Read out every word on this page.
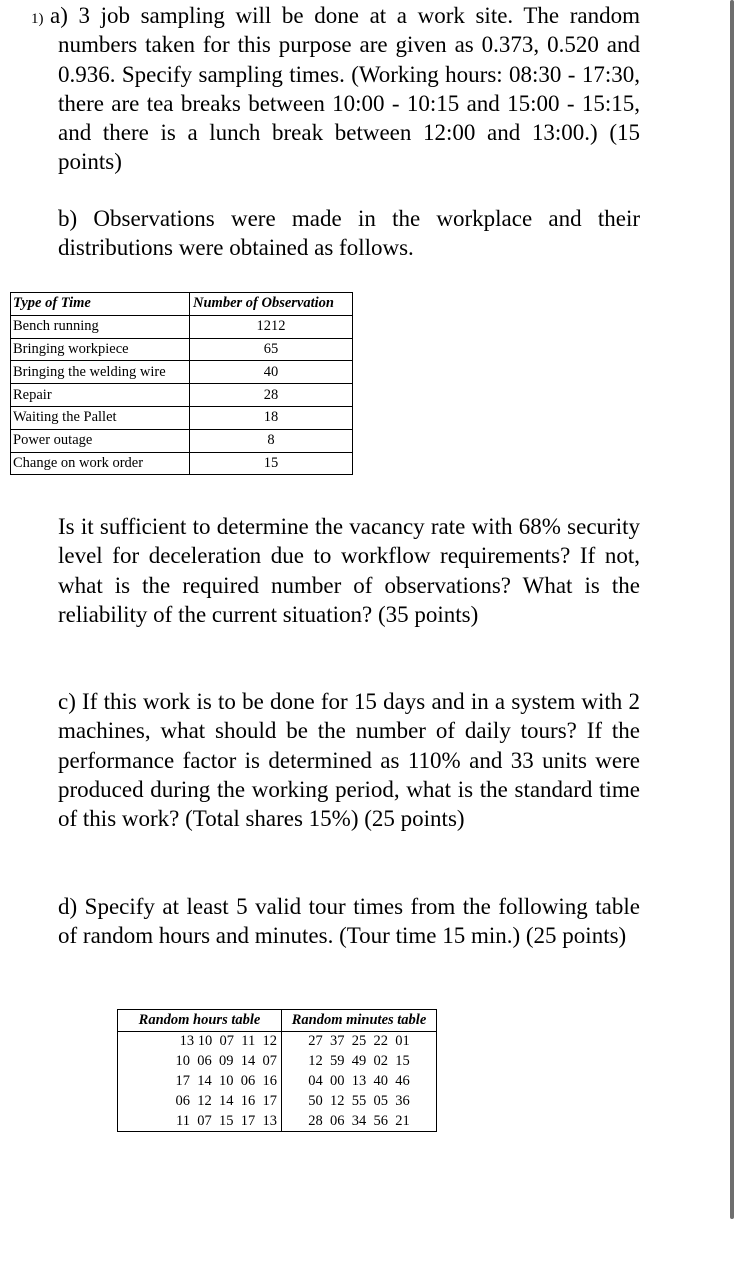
1) a) 3 job sampling will be done at a work site. The random numbers taken for this purpose are given as 0.373, 0.520 and 0.936. Specify sampling times. (Working hours: 08:30 - 17:30, there are tea breaks between 10:00 - 10:15 and 15:00 - 15:15, and there is a lunch break between 12:00 and 13:00.) (15 points)

b) Observations were made in the workplace and their distributions were obtained as follows.

Type of Time	Number of Observation
Bench running	1212
Bringing workpiece	65
Bringing the welding wire	40
Repair	28
Waiting the Pallet	18
Power outage	8
Change on work order	15

Is it sufficient to determine the vacancy rate with 68% security level for deceleration due to workflow requirements? If not, what is the required number of observations? What is the reliability of the current situation? (35 points)

c) If this work is to be done for 15 days and in a system with 2 machines, what should be the number of daily tours? If the performance factor is determined as 110% and 33 units were produced during the working period, what is the standard time of this work? (Total shares 15%) (25 points)

d) Specify at least 5 valid tour times from the following table of random hours and minutes. (Tour time 15 min.) (25 points)

Random hours table	Random minutes table
13 10  07  11  12	27  37  25  22  01
10  06  09  14  07	12  59  49  02  15
17  14  10  06  16	04  00  13  40  46
06  12  14  16  17	50  12  55  05  36
11  07  15  17  13	28  06  34  56  21
